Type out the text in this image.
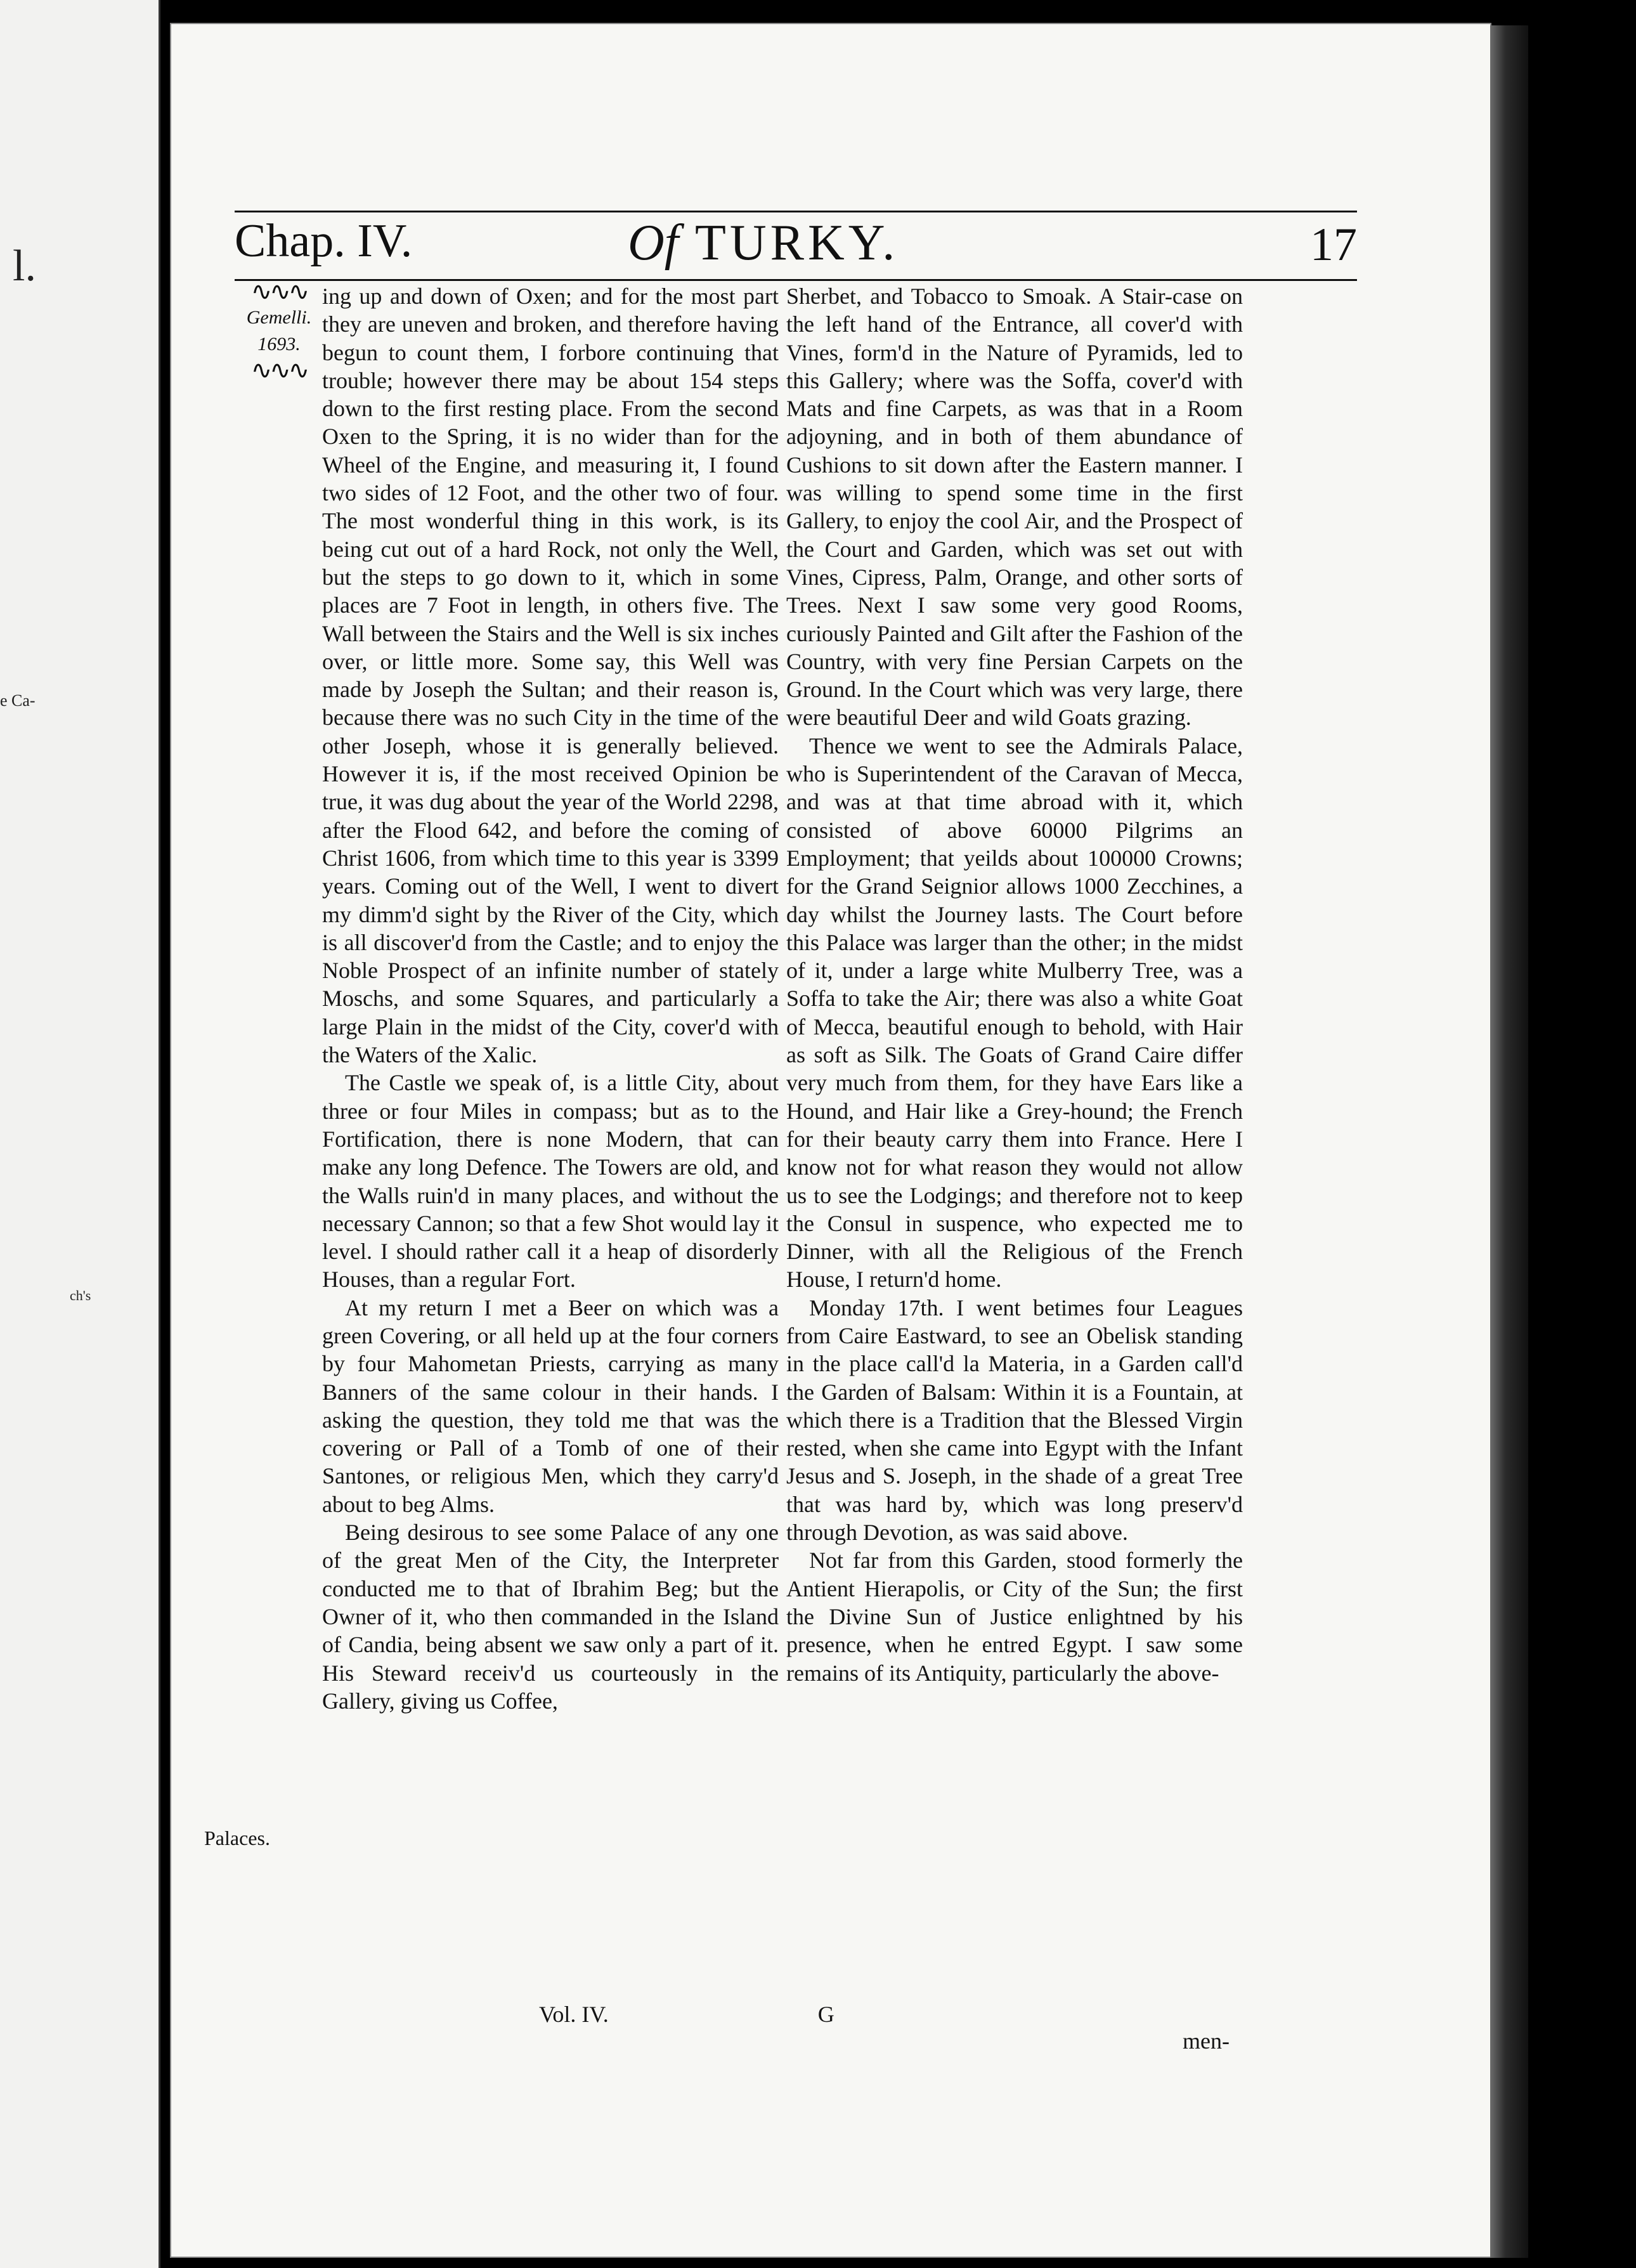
l.
e Ca-
ch's
Chap. IV.	Of TURKY.	17
∿∿∿
Gemelli.
1693.
∿∿∿
Palaces.

ing up and down of Oxen; and for the most part they are uneven and broken, and therefore having begun to count them, I forbore continuing that trouble; however there may be about 154 steps down to the first resting place. From the second Oxen to the Spring, it is no wider than for the Wheel of the Engine, and measuring it, I found two sides of 12 Foot, and the other two of four. The most wonderful thing in this work, is its being cut out of a hard Rock, not only the Well, but the steps to go down to it, which in some places are 7 Foot in length, in others five. The Wall between the Stairs and the Well is six inches over, or little more. Some say, this Well was made by Joseph the Sultan; and their reason is, because there was no such City in the time of the other Joseph, whose it is generally believed. However it is, if the most received Opinion be true, it was dug about the year of the World 2298, after the Flood 642, and before the coming of Christ 1606, from which time to this year is 3399 years. Coming out of the Well, I went to divert my dimm'd sight by the River of the City, which is all discover'd from the Castle; and to enjoy the Noble Prospect of an infinite number of stately Moschs, and some Squares, and particularly a large Plain in the midst of the City, cover'd with the Waters of the Xalic.

The Castle we speak of, is a little City, about three or four Miles in compass; but as to the Fortification, there is none Modern, that can make any long Defence. The Towers are old, and the Walls ruin'd in many places, and without the necessary Cannon; so that a few Shot would lay it level. I should rather call it a heap of disorderly Houses, than a regular Fort.

At my return I met a Beer on which was a green Covering, or all held up at the four corners by four Mahometan Priests, carrying as many Banners of the same colour in their hands. I asking the question, they told me that was the covering or Pall of a Tomb of one of their Santones, or religious Men, which they carry'd about to beg Alms.

Being desirous to see some Palace of any one of the great Men of the City, the Interpreter conducted me to that of Ibrahim Beg; but the Owner of it, who then commanded in the Island of Candia, being absent we saw only a part of it. His Steward receiv'd us courteously in the Gallery, giving us Coffee,

Sherbet, and Tobacco to Smoak. A Stair-case on the left hand of the Entrance, all cover'd with Vines, form'd in the Nature of Pyramids, led to this Gallery; where was the Soffa, cover'd with Mats and fine Carpets, as was that in a Room adjoyning, and in both of them abundance of Cushions to sit down after the Eastern manner. I was willing to spend some time in the first Gallery, to enjoy the cool Air, and the Prospect of the Court and Garden, which was set out with Vines, Cipress, Palm, Orange, and other sorts of Trees. Next I saw some very good Rooms, curiously Painted and Gilt after the Fashion of the Country, with very fine Persian Carpets on the Ground. In the Court which was very large, there were beautiful Deer and wild Goats grazing.

Thence we went to see the Admirals Palace, who is Superintendent of the Caravan of Mecca, and was at that time abroad with it, which consisted of above 60000 Pilgrims an Employment; that yeilds about 100000 Crowns; for the Grand Seignior allows 1000 Zecchines, a day whilst the Journey lasts. The Court before this Palace was larger than the other; in the midst of it, under a large white Mulberry Tree, was a Soffa to take the Air; there was also a white Goat of Mecca, beautiful enough to behold, with Hair as soft as Silk. The Goats of Grand Caire differ very much from them, for they have Ears like a Hound, and Hair like a Grey-hound; the French for their beauty carry them into France. Here I know not for what reason they would not allow us to see the Lodgings; and therefore not to keep the Consul in suspence, who expected me to Dinner, with all the Religious of the French House, I return'd home.

Monday 17th. I went betimes four Leagues from Caire Eastward, to see an Obelisk standing in the place call'd la Materia, in a Garden call'd the Garden of Balsam: Within it is a Fountain, at which there is a Tradition that the Blessed Virgin rested, when she came into Egypt with the Infant Jesus and S. Joseph, in the shade of a great Tree that was hard by, which was long preserv'd through Devotion, as was said above.

Not far from this Garden, stood formerly the Antient Hierapolis, or City of the Sun; the first the Divine Sun of Justice enlightned by his presence, when he entred Egypt. I saw some remains of its Antiquity, particularly the above-

Vol. IV.	G
men-
